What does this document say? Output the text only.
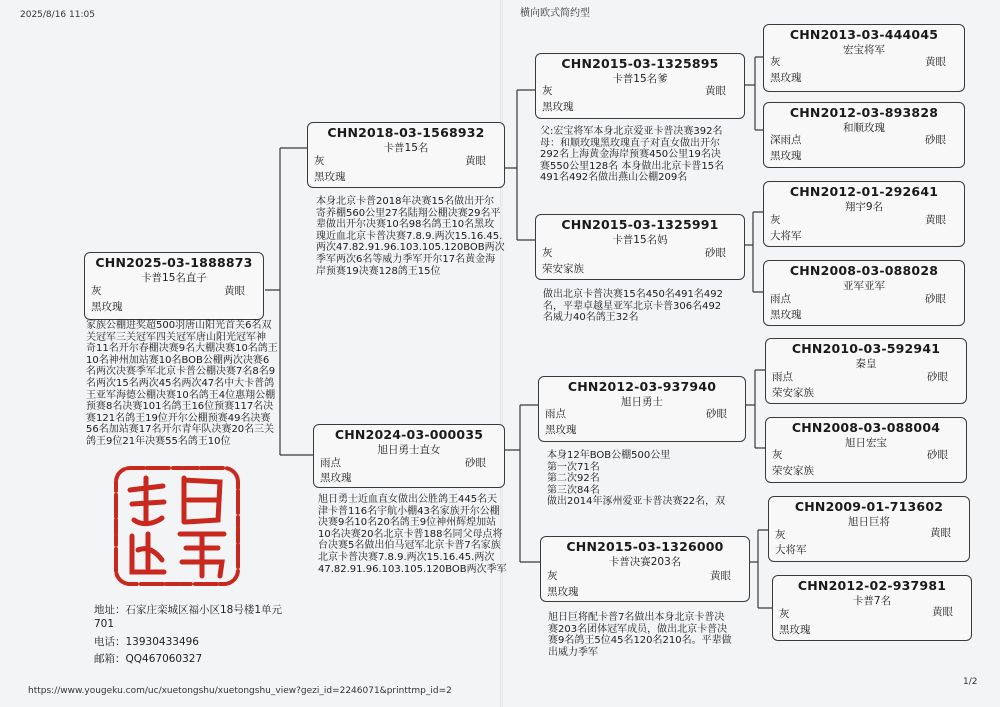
2025/8/16 11:05	横向欧式简约型
1/2
https://www.yougeku.com/uc/xuetongshu/xuetongshu_view?gezi_id=2246071&printtmp_id=2
CHN2025-03-1888873
卡普15名直子
灰	黄眼
黑玫瑰
家族公棚进奖超500羽唐山阳光首关6名双
关冠军三关冠军四关冠军唐山阳光冠军神
奇11名开尔春棚决赛9名大棚决赛10名鸽王
10名神州加站赛10名BOB公棚两次决赛6
名两次决赛季军北京卡普公棚决赛7名8名9
名两次15名两次45名两次47名中大卡普鸽
王亚军海德公棚决赛10名鸽王4位惠翔公棚
预赛8名决赛101名鸽王16位预赛117名决
赛121名鸽王19位开尔公棚预赛49名决赛
56名加站赛17名开尔青年队决赛20名三关
鸽王9位21年决赛55名鸽王10位
CHN2018-03-1568932
卡普15名
灰	黄眼
黑玫瑰
本身北京卡普2018年决赛15名做出开尔
寄养棚560公里27名陆翔公棚决赛29名平
辈做出开尔决赛10名98名鸽王10名黑玫
瑰近血北京卡普决赛7.8.9.两次15.16.45.
两次47.82.91.96.103.105.120BOB两次
季军两次6名等威力季军开尔17名黄金海
岸预赛19决赛128鸽王15位
CHN2024-03-000035
旭日勇士直女
雨点	砂眼
黑玫瑰
旭日勇士近血直女做出公胜鸽王445名天
津卡普116名宇航小棚43名家族开尔公棚
决赛9名10名20名鸽王9位神州辉煌加站
10名决赛20名北京卡普188名同父母点将
台决赛5名做出伯马冠军北京卡普7名家族
北京卡普决赛7.8.9.两次15.16.45.两次
47.82.91.96.103.105.120BOB两次季军
地址：石家庄栾城区福小区18号楼1单元
701
电话：13930433496
邮箱：QQ467060327
CHN2015-03-1325895
卡普15名爹
灰	黄眼
黑玫瑰
父:宏宝将军本身北京爱亚卡普决赛392名
母：和顺玫瑰黑玫瑰直子对直女做出开尔
292名上海黄金海岸预赛450公里19名决
赛550公里128名 本身做出北京卡普15名
491名492名做出燕山公棚209名
CHN2015-03-1325991
卡普15名妈
灰	砂眼
荣安家族
做出北京卡普决赛15名450名491名492
名，平辈卓越星亚军北京卡普306名492
名威力40名鸽王32名
CHN2012-03-937940
旭日勇士
雨点	砂眼
黑玫瑰
本身12年BOB公棚500公里
第一次71名
第二次92名
第三次84名
做出2014年涿州爱亚卡普决赛22名，双
CHN2015-03-1326000
卡普决赛203名
灰	黄眼
黑玫瑰
旭日巨将配卡普7名做出本身北京卡普决
赛203名团体冠军成员，做出北京卡普决
赛9名鸽王5位45名120名210名。平辈做
出威力季军
CHN2013-03-444045
宏宝将军
灰	黄眼
黑玫瑰
CHN2012-03-893828
和顺玫瑰
深雨点	砂眼
黑玫瑰
CHN2012-01-292641
翔宇9名
灰	黄眼
大将军
CHN2008-03-088028
亚军亚军
雨点	砂眼
黑玫瑰
CHN2010-03-592941
秦皇
雨点	砂眼
荣安家族
CHN2008-03-088004
旭日宏宝
灰	砂眼
荣安家族
CHN2009-01-713602
旭日巨将
灰	黄眼
大将军
CHN2012-02-937981
卡普7名
灰	黄眼
黑玫瑰
